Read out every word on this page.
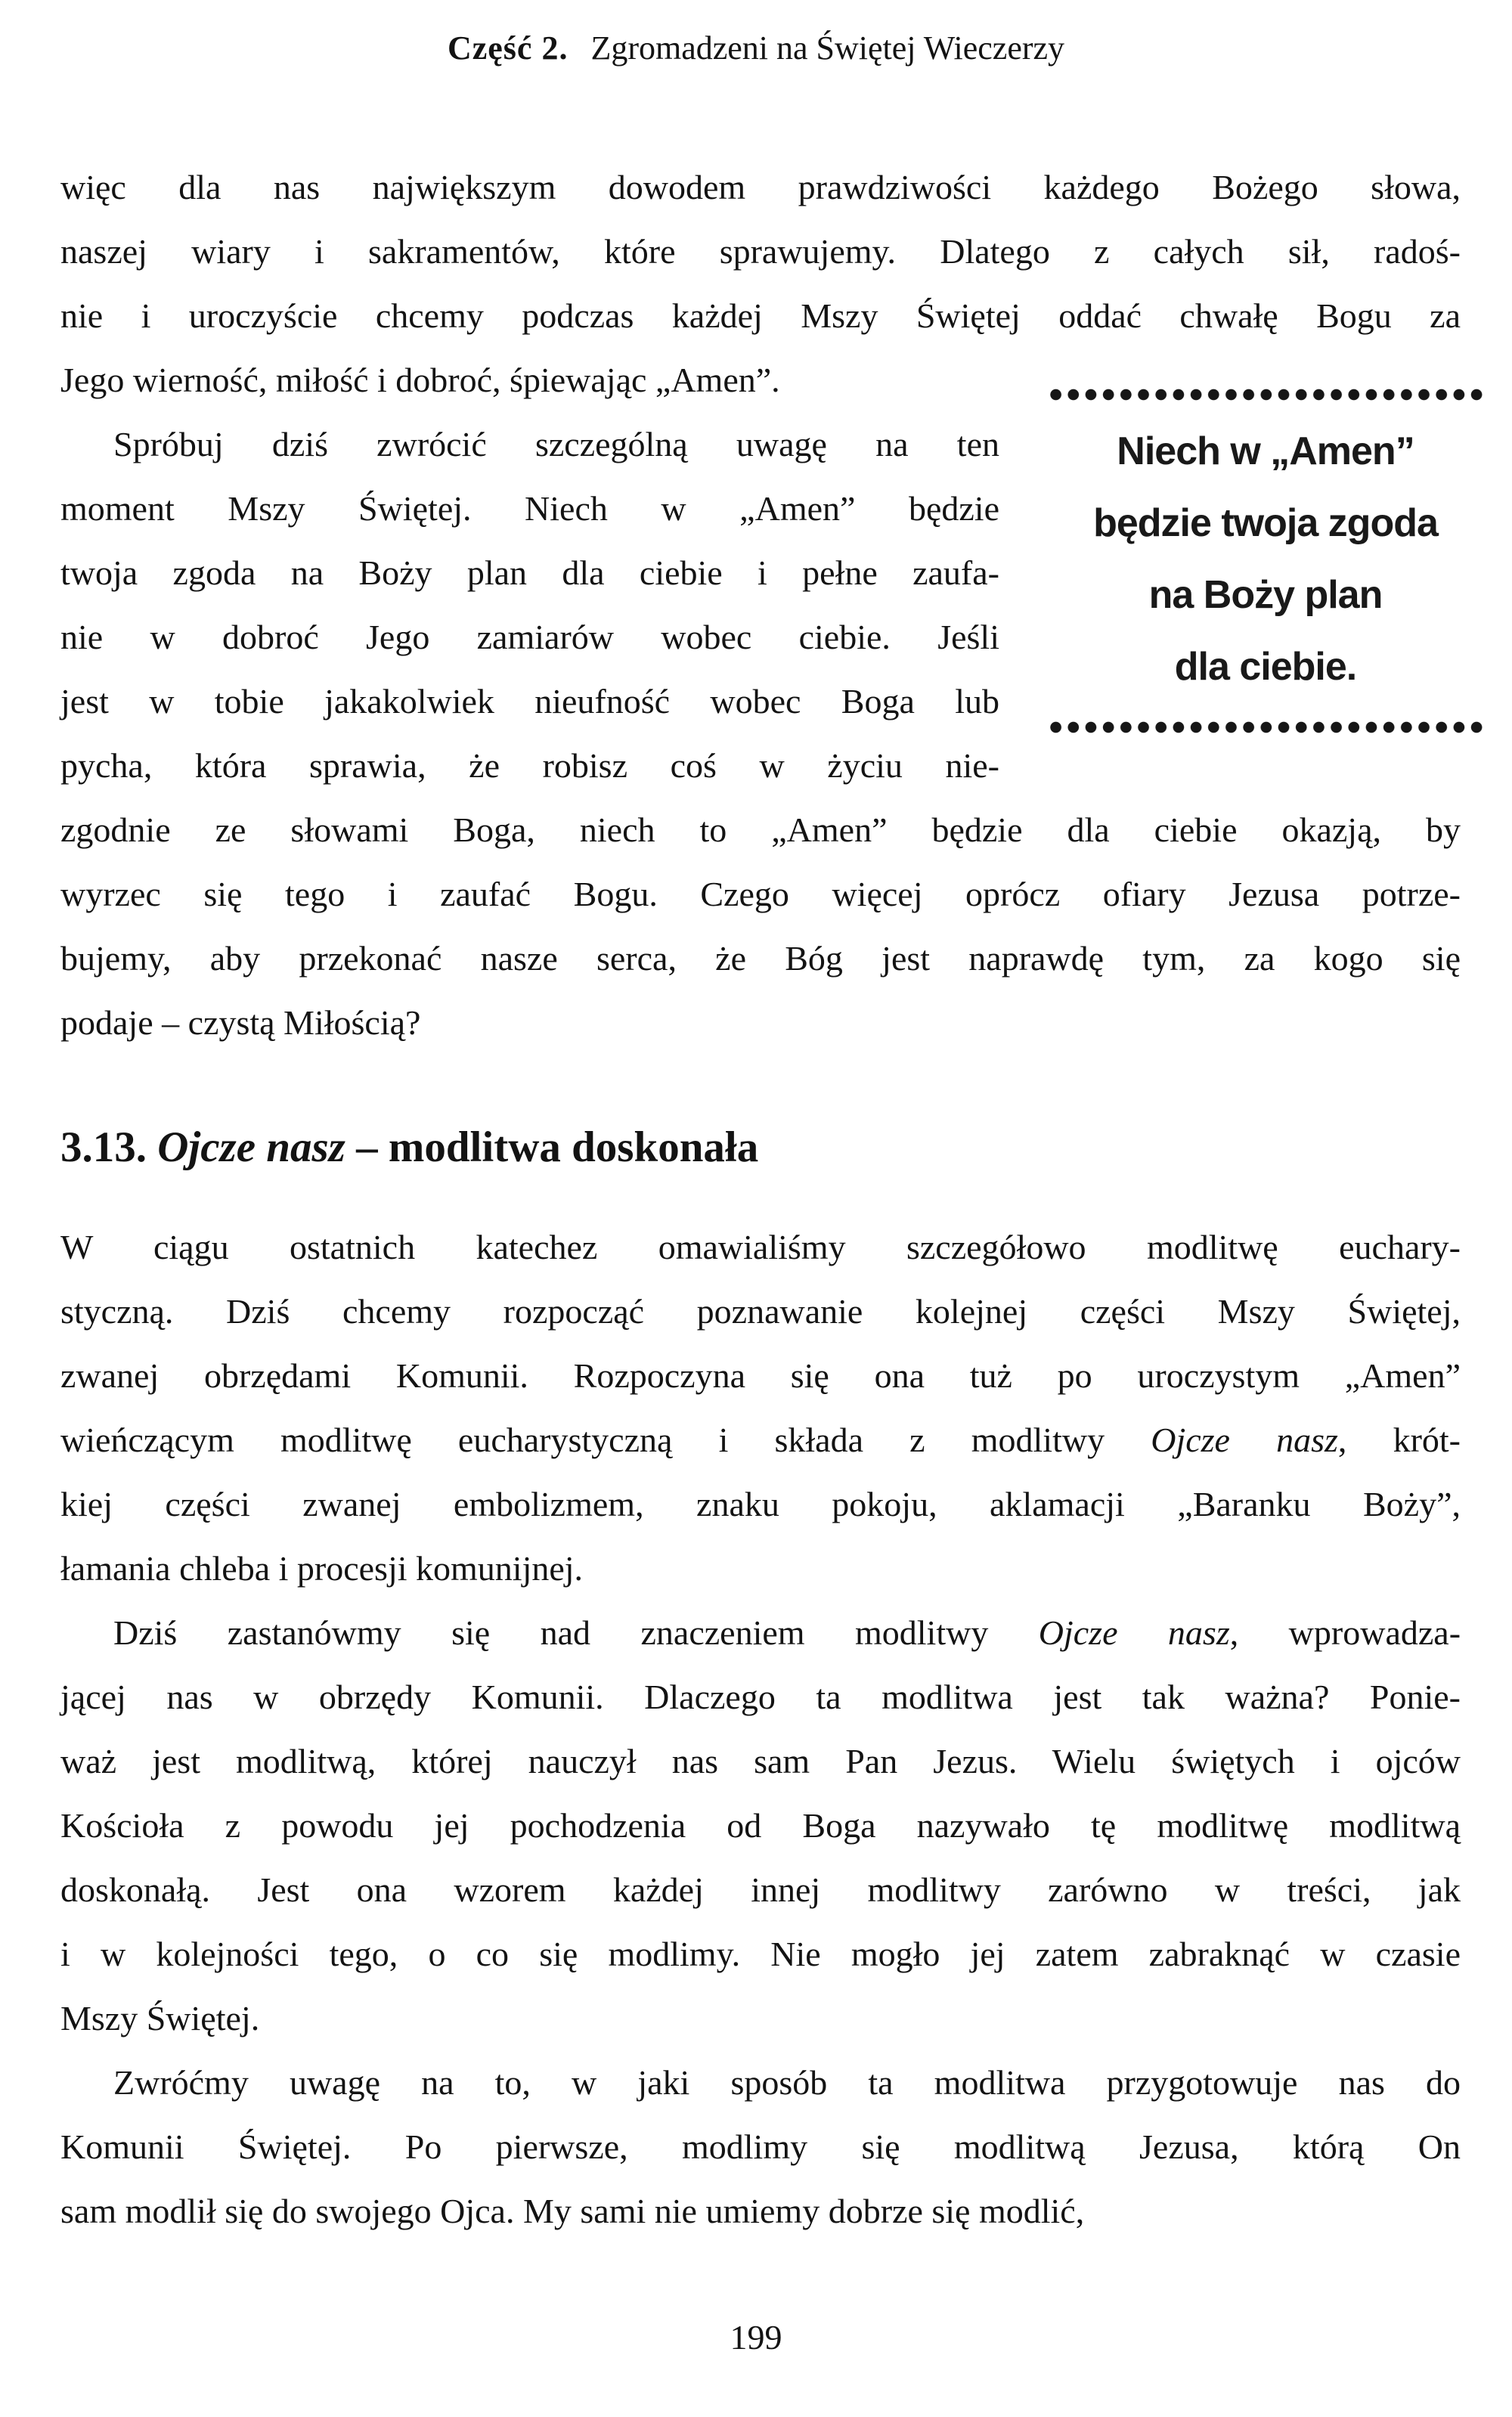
Część 2. Zgromadzeni na Świętej Wieczerzy
Niech w „Amen”
będzie twoja zgoda
na Boży plan
dla ciebie.
więc dla nas największym dowodem prawdziwości każdego Bożego słowa,
naszej wiary i sakramentów, które sprawujemy. Dlatego z całych sił, radoś-
nie i uroczyście chcemy podczas każdej Mszy Świętej oddać chwałę Bogu za
Jego wierność, miłość i dobroć, śpiewając „Amen”.
Spróbuj dziś zwrócić szczególną uwagę na ten
moment Mszy Świętej. Niech w „Amen” będzie
twoja zgoda na Boży plan dla ciebie i pełne zaufa-
nie w dobroć Jego zamiarów wobec ciebie. Jeśli
jest w tobie jakakolwiek nieufność wobec Boga lub
pycha, która sprawia, że robisz coś w życiu nie-
zgodnie ze słowami Boga, niech to „Amen” będzie dla ciebie okazją, by
wyrzec się tego i zaufać Bogu. Czego więcej oprócz ofiary Jezusa potrze-
bujemy, aby przekonać nasze serca, że Bóg jest naprawdę tym, za kogo się
podaje – czystą Miłością?
3.13. Ojcze nasz – modlitwa doskonała
W ciągu ostatnich katechez omawialiśmy szczegółowo modlitwę euchary-
styczną. Dziś chcemy rozpocząć poznawanie kolejnej części Mszy Świętej,
zwanej obrzędami Komunii. Rozpoczyna się ona tuż po uroczystym „Amen”
wieńczącym modlitwę eucharystyczną i składa z modlitwy Ojcze nasz, krót-
kiej części zwanej embolizmem, znaku pokoju, aklamacji „Baranku Boży”,
łamania chleba i procesji komunijnej.
Dziś zastanówmy się nad znaczeniem modlitwy Ojcze nasz, wprowadza-
jącej nas w obrzędy Komunii. Dlaczego ta modlitwa jest tak ważna? Ponie-
waż jest modlitwą, której nauczył nas sam Pan Jezus. Wielu świętych i ojców
Kościoła z powodu jej pochodzenia od Boga nazywało tę modlitwę modlitwą
doskonałą. Jest ona wzorem każdej innej modlitwy zarówno w treści, jak
i w kolejności tego, o co się modlimy. Nie mogło jej zatem zabraknąć w czasie
Mszy Świętej.
Zwróćmy uwagę na to, w jaki sposób ta modlitwa przygotowuje nas do
Komunii Świętej. Po pierwsze, modlimy się modlitwą Jezusa, którą On
sam modlił się do swojego Ojca. My sami nie umiemy dobrze się modlić,
199
